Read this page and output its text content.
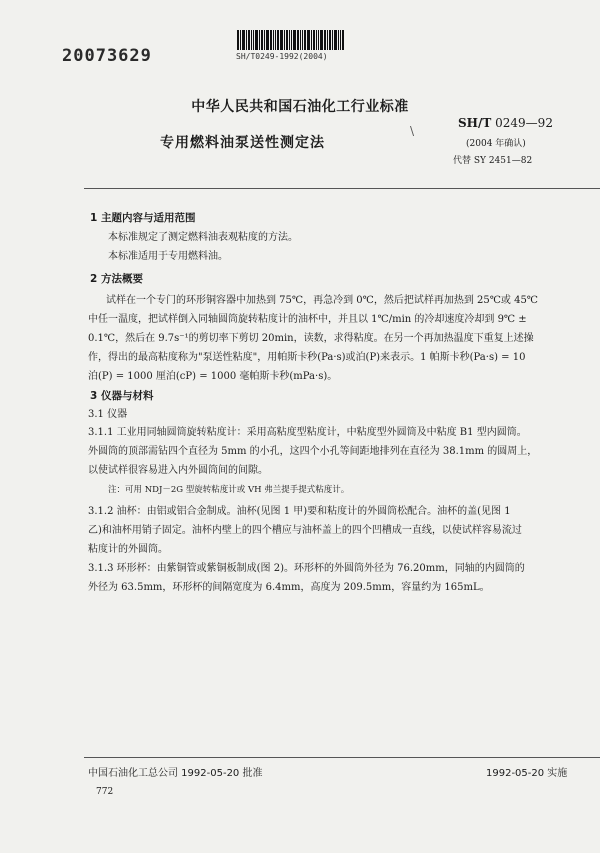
20073629	SH/T0249-1992(2004)
中华人民共和国石油化工行业标准
专用燃料油泵送性测定法
\
SH/T 0249—92
(2004 年确认)
代替 SY 2451—82
1 主题内容与适用范围
本标准规定了测定燃料油表观粘度的方法。
本标准适用于专用燃料油。
2 方法概要
试样在一个专门的环形铜容器中加热到 75℃，再急冷到 0℃，然后把试样再加热到 25℃或 45℃
中任一温度，把试样倒入同轴圆筒旋转粘度计的油杯中，并且以 1℃/min 的冷却速度冷却到 9℃ ±
0.1℃，然后在 9.7s⁻¹的剪切率下剪切 20min，读数，求得粘度。在另一个再加热温度下重复上述操
作，得出的最高粘度称为"泵送性粘度"，用帕斯卡秒(Pa·s)或泊(P)来表示。1 帕斯卡秒(Pa·s) = 10
泊(P) = 1000 厘泊(cP) = 1000 毫帕斯卡秒(mPa·s)。
3 仪器与材料
3.1 仪器
3.1.1 工业用同轴圆筒旋转粘度计：采用高粘度型粘度计，中粘度型外圆筒及中粘度 B1 型内圆筒。
外圆筒的顶部需钻四个直径为 5mm 的小孔，这四个小孔等间距地排列在直径为 38.1mm 的圆周上，
以使试样很容易进入内外圆筒间的间隙。
注：可用 NDJ－2G 型旋转粘度计或 VH 弗兰提手提式粘度计。
3.1.2 油杯：由铝或铝合金制成。油杯(见图 1 甲)要和粘度计的外圆筒松配合。油杯的盖(见图 1
乙)和油杯用销子固定。油杯内壁上的四个槽应与油杯盖上的四个凹槽成一直线，以使试样容易流过
粘度计的外圆筒。
3.1.3 环形杯：由紫铜管或紫铜板制成(图 2)。环形杯的外圆筒外径为 76.20mm，同轴的内圆筒的
外径为 63.5mm，环形杯的间隔宽度为 6.4mm，高度为 209.5mm，容量约为 165mL。
中国石油化工总公司 1992-05-20 批准	1992-05-20 实施
772
